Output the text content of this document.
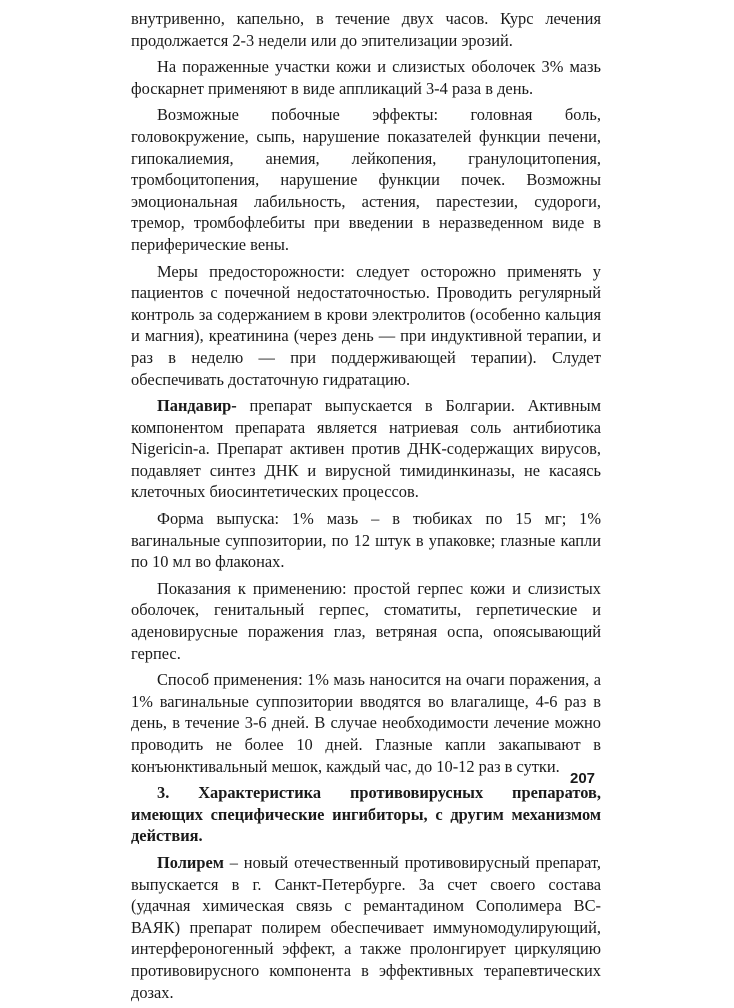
внутривенно, капельно, в течение двух часов. Курс лечения продолжается 2-3 недели или до эпителизации эрозий.

На пораженные участки кожи и слизистых оболочек 3% мазь фоскарнет применяют в виде аппликаций 3-4 раза в день.

Возможные побочные эффекты: головная боль, головокружение, сыпь, нарушение показателей функции печени, гипокалиемия, анемия, лейкопения, гранулоцитопения, тромбоцитопения, нарушение функции почек. Возможны эмоциональная лабильность, астения, парестезии, судороги, тремор, тромбофлебиты при введении в неразведенном виде в периферические вены.

Меры предосторожности: следует осторожно применять у пациентов с почечной недостаточностью. Проводить регулярный контроль за содержанием в крови электролитов (особенно кальция и магния), креатинина (через день — при индуктивной терапии, и раз в неделю — при поддерживающей терапии). Слудет обеспечивать достаточную гидратацию.

Пандавир- препарат выпускается в Болгарии. Активным компонентом препарата является натриевая соль антибиотика Nigericin-a. Препарат активен против ДНК-содержащих вирусов, подавляет синтез ДНК и вирусной тимидинкиназы, не касаясь клеточных биосинтетических процессов.

Форма выпуска: 1% мазь – в тюбиках по 15 мг; 1% вагинальные суппозитории, по 12 штук в упаковке; глазные капли по 10 мл во флаконах.

Показания к применению: простой герпес кожи и слизистых оболочек, генитальный герпес, стоматиты, герпетические и аденовирусные поражения глаз, ветряная оспа, опоясывающий герпес.

Способ применения: 1% мазь наносится на очаги поражения, а 1% вагинальные суппозитории вводятся во влагалище, 4-6 раз в день, в течение 3-6 дней. В случае необходимости лечение можно проводить не более 10 дней. Глазные капли закапывают в конъюнктивальный мешок, каждый час, до 10-12 раз в сутки.

3. Характеристика противовирусных препаратов, имеющих специфические ингибиторы, с другим механизмом действия.

Полирем – новый отечественный противовирусный препарат, выпускается в г. Санкт-Петербурге. За счет своего состава (удачная химическая связь с ремантадином Сополимера ВС-ВАЯК) препарат полирем обеспечивает иммуномодулирующий, интерфероногенный эффект, а также пролонгирует циркуляцию противовирусного компонента в эффективных терапевтических дозах.

207
